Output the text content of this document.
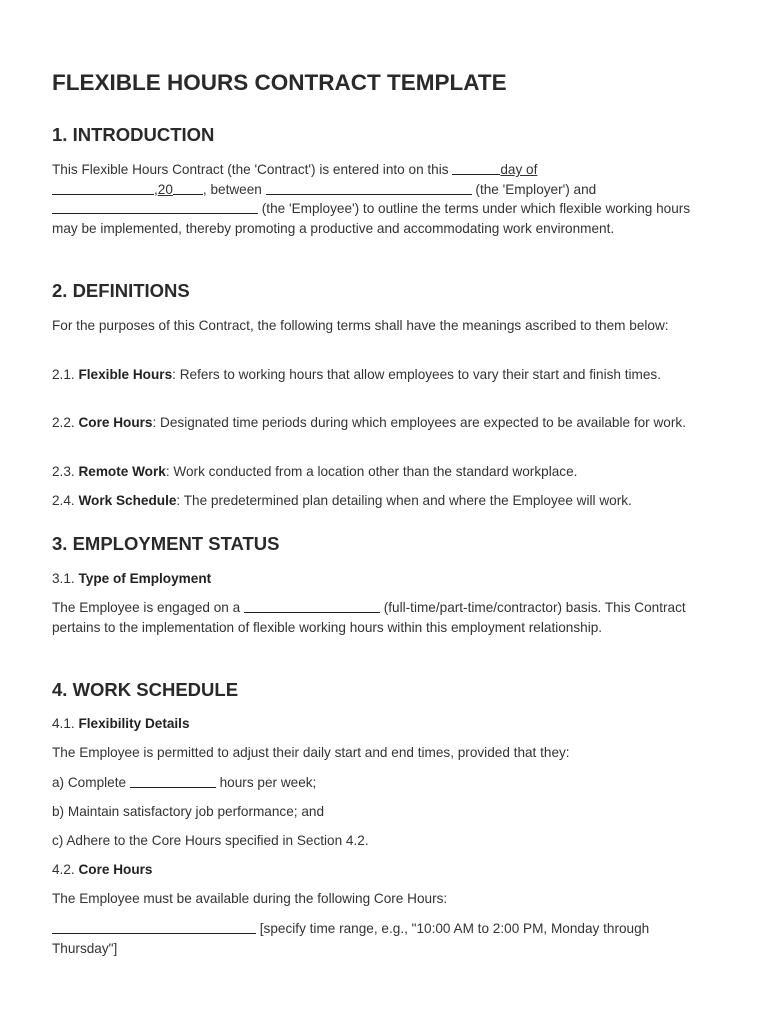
FLEXIBLE HOURS CONTRACT TEMPLATE
1. INTRODUCTION
This Flexible Hours Contract (the 'Contract') is entered into on this	day of
,20 , between	(the 'Employer') and
(the 'Employee') to outline the terms under which flexible working hours may be implemented, thereby promoting a productive and accommodating work environment.
2. DEFINITIONS
For the purposes of this Contract, the following terms shall have the meanings ascribed to them below:
2.1. Flexible Hours: Refers to working hours that allow employees to vary their start and finish times.
2.2. Core Hours: Designated time periods during which employees are expected to be available for work.
2.3. Remote Work: Work conducted from a location other than the standard workplace.
2.4. Work Schedule: The predetermined plan detailing when and where the Employee will work.
3. EMPLOYMENT STATUS
3.1. Type of Employment
The Employee is engaged on a	(full-time/part-time/contractor) basis. This Contract pertains to the implementation of flexible working hours within this employment relationship.
4. WORK SCHEDULE
4.1. Flexibility Details
The Employee is permitted to adjust their daily start and end times, provided that they:
a) Complete	hours per week;
b) Maintain satisfactory job performance; and
c) Adhere to the Core Hours specified in Section 4.2.
4.2. Core Hours
The Employee must be available during the following Core Hours:
[specify time range, e.g., "10:00 AM to 2:00 PM, Monday through Thursday"]
